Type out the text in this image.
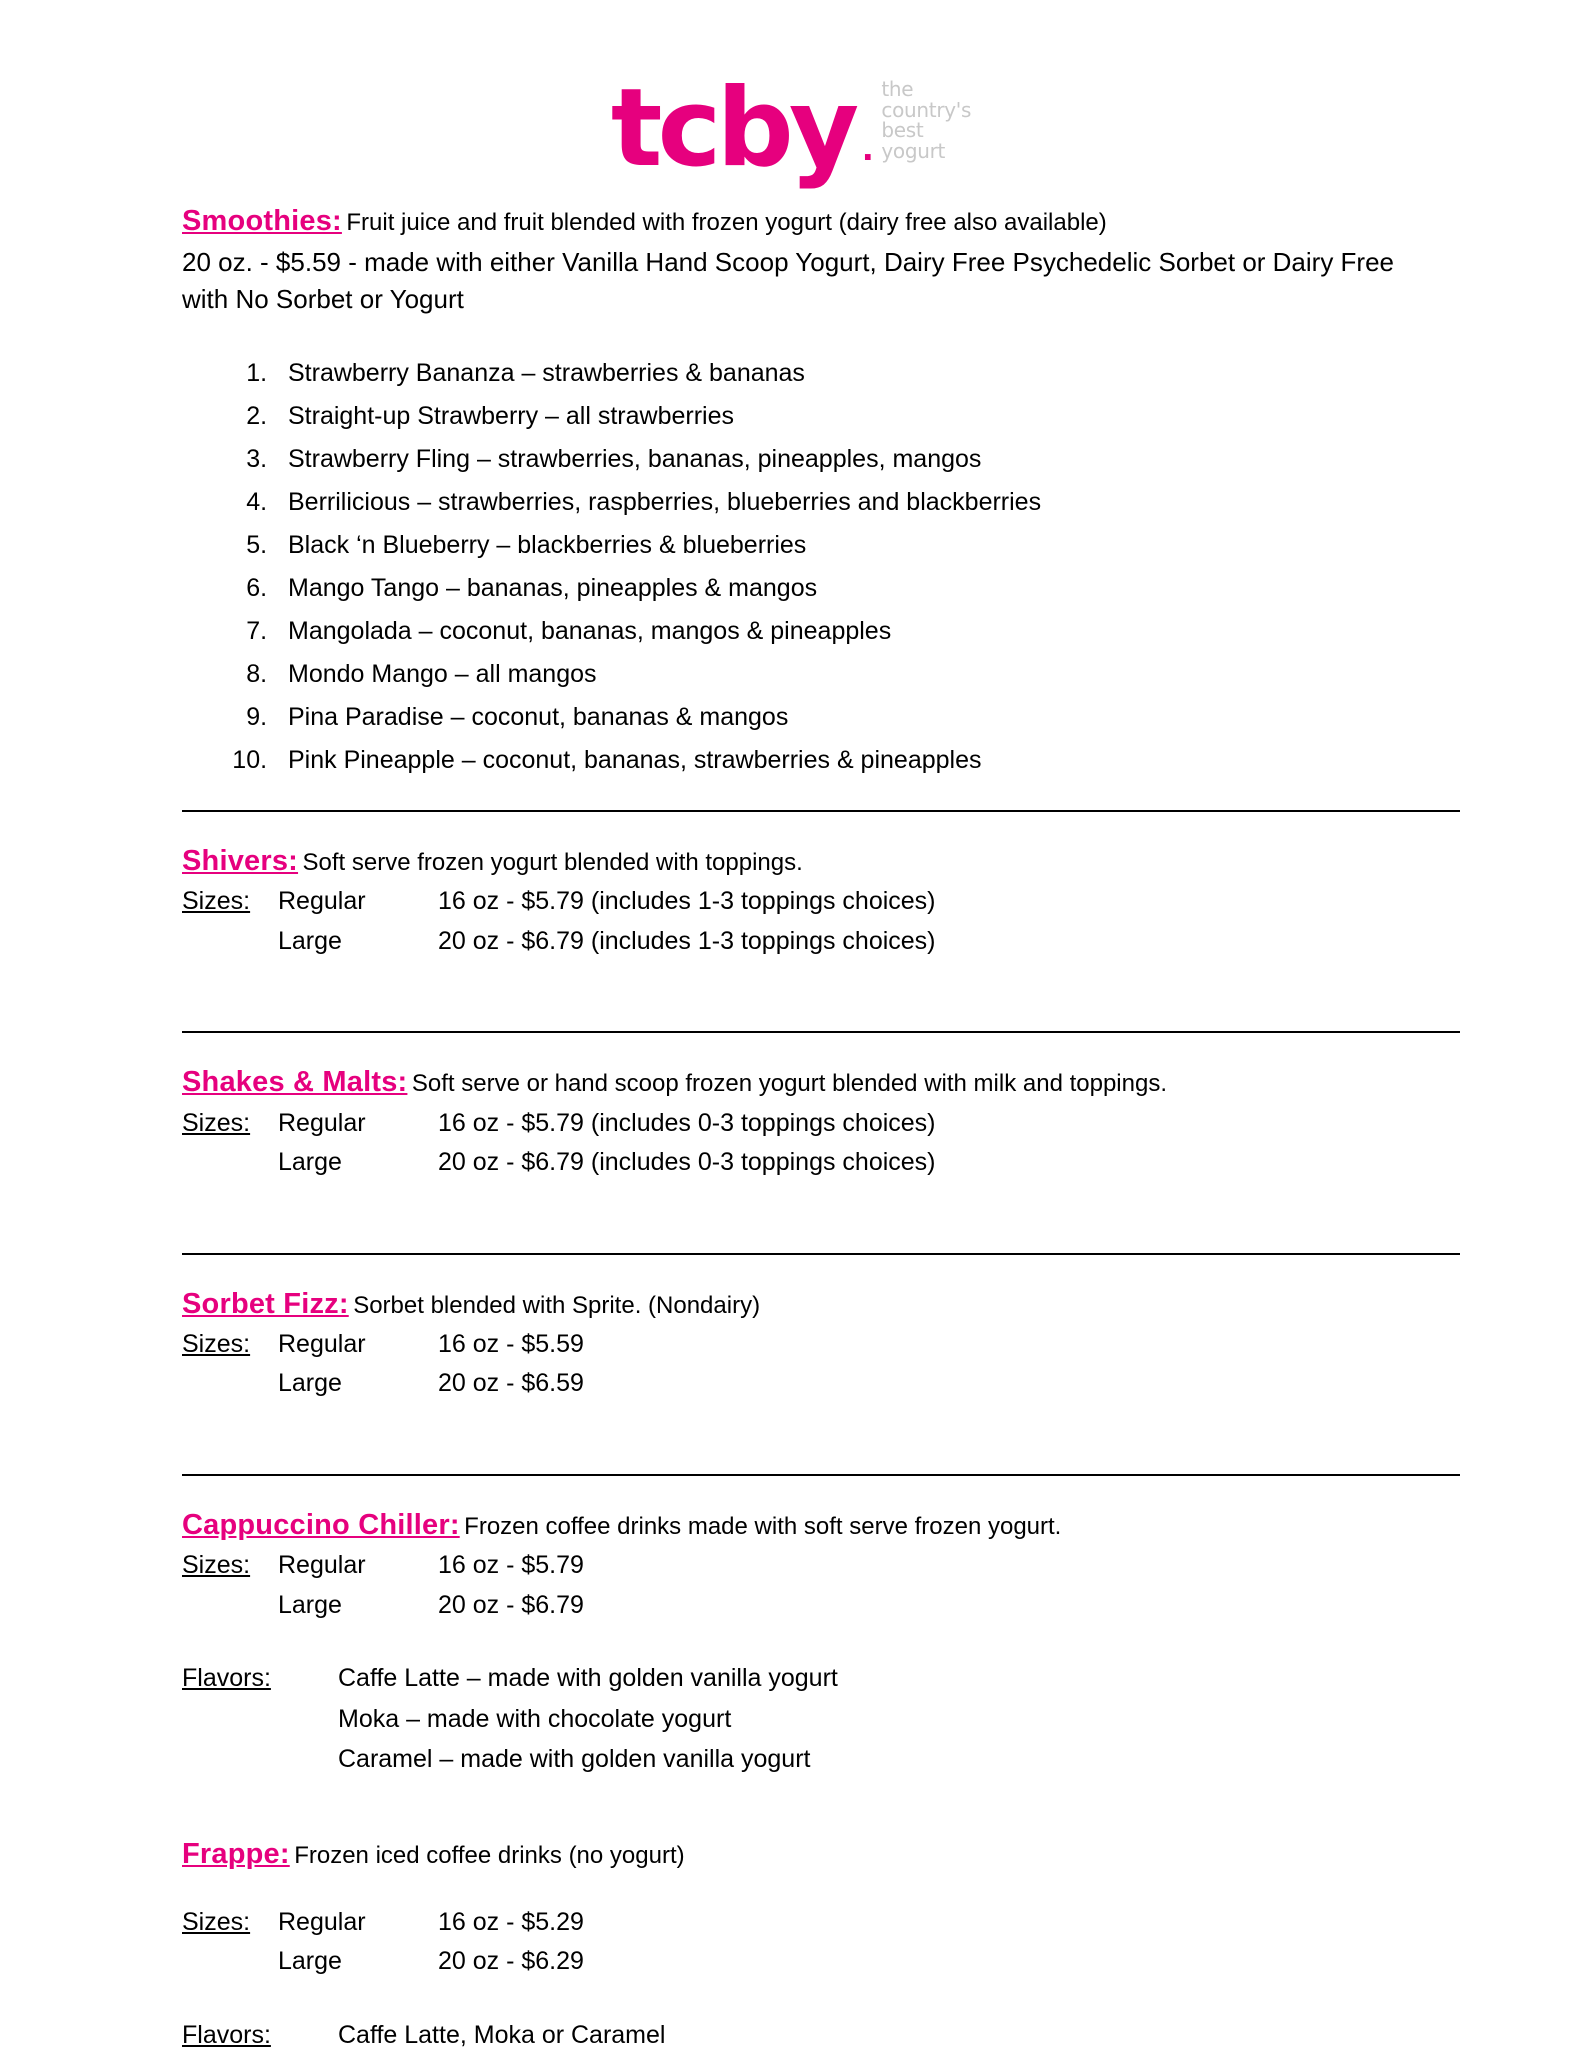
tcby .
the
country's
best
yogurt

Smoothies: Fruit juice and fruit blended with frozen yogurt (dairy free also available)

20 oz. - $5.59 - made with either Vanilla Hand Scoop Yogurt, Dairy Free Psychedelic Sorbet or Dairy Free with No Sorbet or Yogurt

1. Strawberry Bananza – strawberries & bananas
2. Straight-up Strawberry – all strawberries
3. Strawberry Fling – strawberries, bananas, pineapples, mangos
4. Berrilicious – strawberries, raspberries, blueberries and blackberries
5. Black ‘n Blueberry – blackberries & blueberries
6. Mango Tango – bananas, pineapples & mangos
7. Mangolada – coconut, bananas, mangos & pineapples
8. Mondo Mango – all mangos
9. Pina Paradise – coconut, bananas & mangos
10. Pink Pineapple – coconut, bananas, strawberries & pineapples

Shivers: Soft serve frozen yogurt blended with toppings.

Sizes:	Regular	16 oz - $5.79 (includes 1-3 toppings choices)
	Large	20 oz - $6.79 (includes 1-3 toppings choices)

Shakes & Malts: Soft serve or hand scoop frozen yogurt blended with milk and toppings.

Sizes:	Regular	16 oz - $5.79 (includes 0-3 toppings choices)
	Large	20 oz - $6.79 (includes 0-3 toppings choices)

Sorbet Fizz: Sorbet blended with Sprite. (Nondairy)

Sizes:	Regular	16 oz - $5.59
	Large	20 oz - $6.59

Cappuccino Chiller: Frozen coffee drinks made with soft serve frozen yogurt.

Sizes:	Regular	16 oz - $5.79
	Large	20 oz - $6.79
Flavors:	Caffe Latte – made with golden vanilla yogurt
	Moka – made with chocolate yogurt
	Caramel – made with golden vanilla yogurt

Frappe: Frozen iced coffee drinks (no yogurt)

Sizes:	Regular	16 oz - $5.29
	Large	20 oz - $6.29
Flavors:	Caffe Latte, Moka or Caramel
